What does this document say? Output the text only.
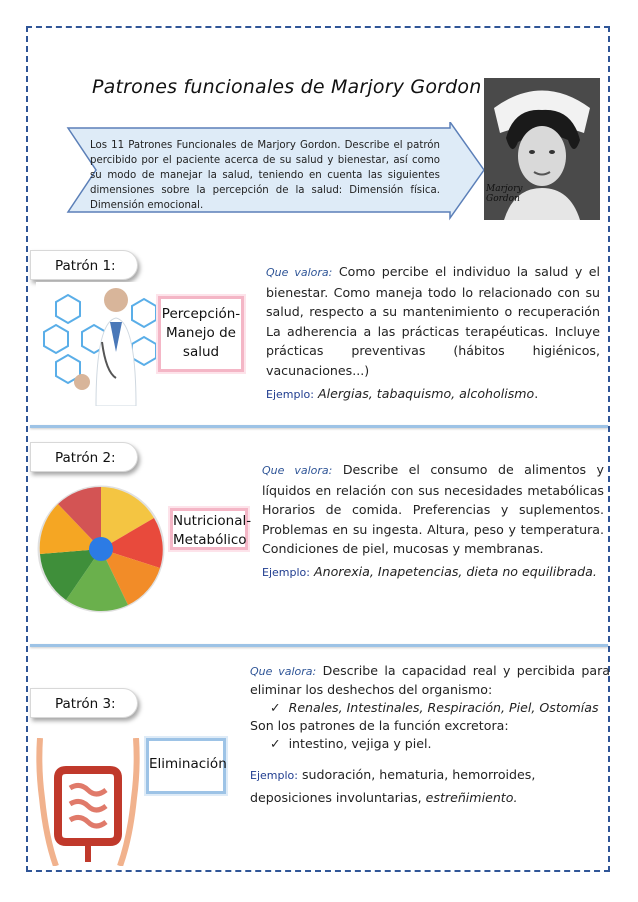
Patrones funcionales de Marjory Gordon
Los 11 Patrones Funcionales de Marjory Gordon. Describe el patrón percibido por el paciente acerca de su salud y bienestar, así como su modo de manejar la salud, teniendo en cuenta las siguientes dimensiones sobre la percepción de la salud: Dimensión física. Dimensión emocional.
Marjory Gordon
Patrón 1:
Percepción-Manejo de salud
Que valora: Como percibe el individuo la salud y el bienestar. Como maneja todo lo relacionado con su salud, respecto a su mantenimiento o recuperación La adherencia a las prácticas terapéuticas. Incluye prácticas preventivas (hábitos higiénicos, vacunaciones...)
Ejemplo: Alergias, tabaquismo, alcoholismo.
Patrón 2:
Nutricional-Metabólico
Que valora: Describe el consumo de alimentos y líquidos en relación con sus necesidades metabólicas Horarios de comida. Preferencias y suplementos. Problemas en su ingesta. Altura, peso y temperatura. Condiciones de piel, mucosas y membranas.
Ejemplo: Anorexia, Inapetencias, dieta no equilibrada.
Patrón 3:
Eliminación
Que valora: Describe la capacidad real y percibida para eliminar los deshechos del organismo:
✓ Renales, Intestinales, Respiración, Piel, Ostomías
Son los patrones de la función excretora:
✓ intestino, vejiga y piel.
Ejemplo: sudoración, hematuria, hemorroides, deposiciones involuntarias, estreñimiento.
